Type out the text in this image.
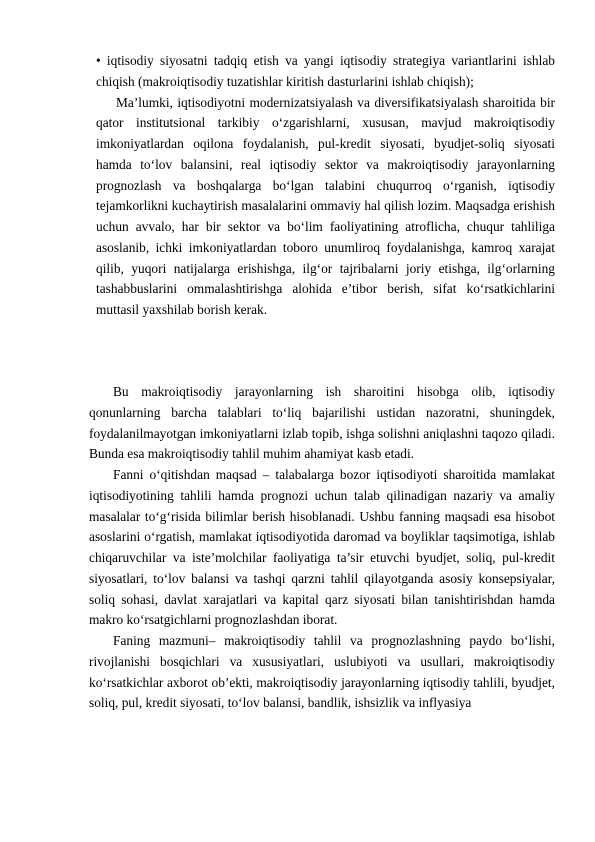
• iqtisodiy siyosatni tadqiq etish va yangi iqtisodiy strategiya variantlarini ishlab chiqish (makroiqtisodiy tuzatishlar kiritish dasturlarini ishlab chiqish);

Ma’lumki, iqtisodiyotni modernizatsiyalash va diversifikatsiyalash sharoitida bir qator institutsional tarkibiy o‘zgarishlarni, xususan, mavjud makroiqtisodiy imkoniyatlardan oqilona foydalanish, pul-kredit siyosati, byudjet-soliq siyosati hamda to‘lov balansini, real iqtisodiy sektor va makroiqtisodiy jarayonlarning prognozlash va boshqalarga bo‘lgan talabini chuqurroq o‘rganish, iqtisodiy tejamkorlikni kuchaytirish masalalarini ommaviy hal qilish lozim. Maqsadga erishish uchun avvalo, har bir sektor va bo‘lim faoliyatining atroflicha, chuqur tahliliga asoslanib, ichki imkoniyatlardan toboro unumliroq foydalanishga, kamroq xarajat qilib, yuqori natijalarga erishishga, ilg‘or tajribalarni joriy etishga, ilg‘orlarning tashabbuslarini ommalashtirishga alohida e’tibor berish, sifat ko‘rsatkichlarini muttasil yaxshilab borish kerak.

Bu makroiqtisodiy jarayonlarning ish sharoitini hisobga olib, iqtisodiy qonunlarning barcha talablari to‘liq bajarilishi ustidan nazoratni, shuningdek, foydalanilmayotgan imkoniyatlarni izlab topib, ishga solishni aniqlashni taqozo qiladi. Bunda esa makroiqtisodiy tahlil muhim ahamiyat kasb etadi.

Fanni o‘qitishdan maqsad – talabalarga bozor iqtisodiyoti sharoitida mamlakat iqtisodiyotining tahlili hamda prognozi uchun talab qilinadigan nazariy va amaliy masalalar to‘g‘risida bilimlar berish hisoblanadi. Ushbu fanning maqsadi esa hisobot asoslarini o‘rgatish, mamlakat iqtisodiyotida daromad va boyliklar taqsimotiga, ishlab chiqaruvchilar va iste’molchilar faoliyatiga ta’sir etuvchi byudjet, soliq, pul-kredit siyosatlari, to‘lov balansi va tashqi qarzni tahlil qilayotganda asosiy konsepsiyalar, soliq sohasi, davlat xarajatlari va kapital qarz siyosati bilan tanishtirishdan hamda makro ko‘rsatgichlarni prognozlashdan iborat.

Faning mazmuni– makroiqtisodiy tahlil va prognozlashning paydo bo‘lishi, rivojlanishi bosqichlari va xususiyatlari, uslubiyoti va usullari, makroiqtisodiy ko‘rsatkichlar axborot ob’ekti, makroiqtisodiy jarayonlarning iqtisodiy tahlili, byudjet, soliq, pul, kredit siyosati, to‘lov balansi, bandlik, ishsizlik va inflyasiya
